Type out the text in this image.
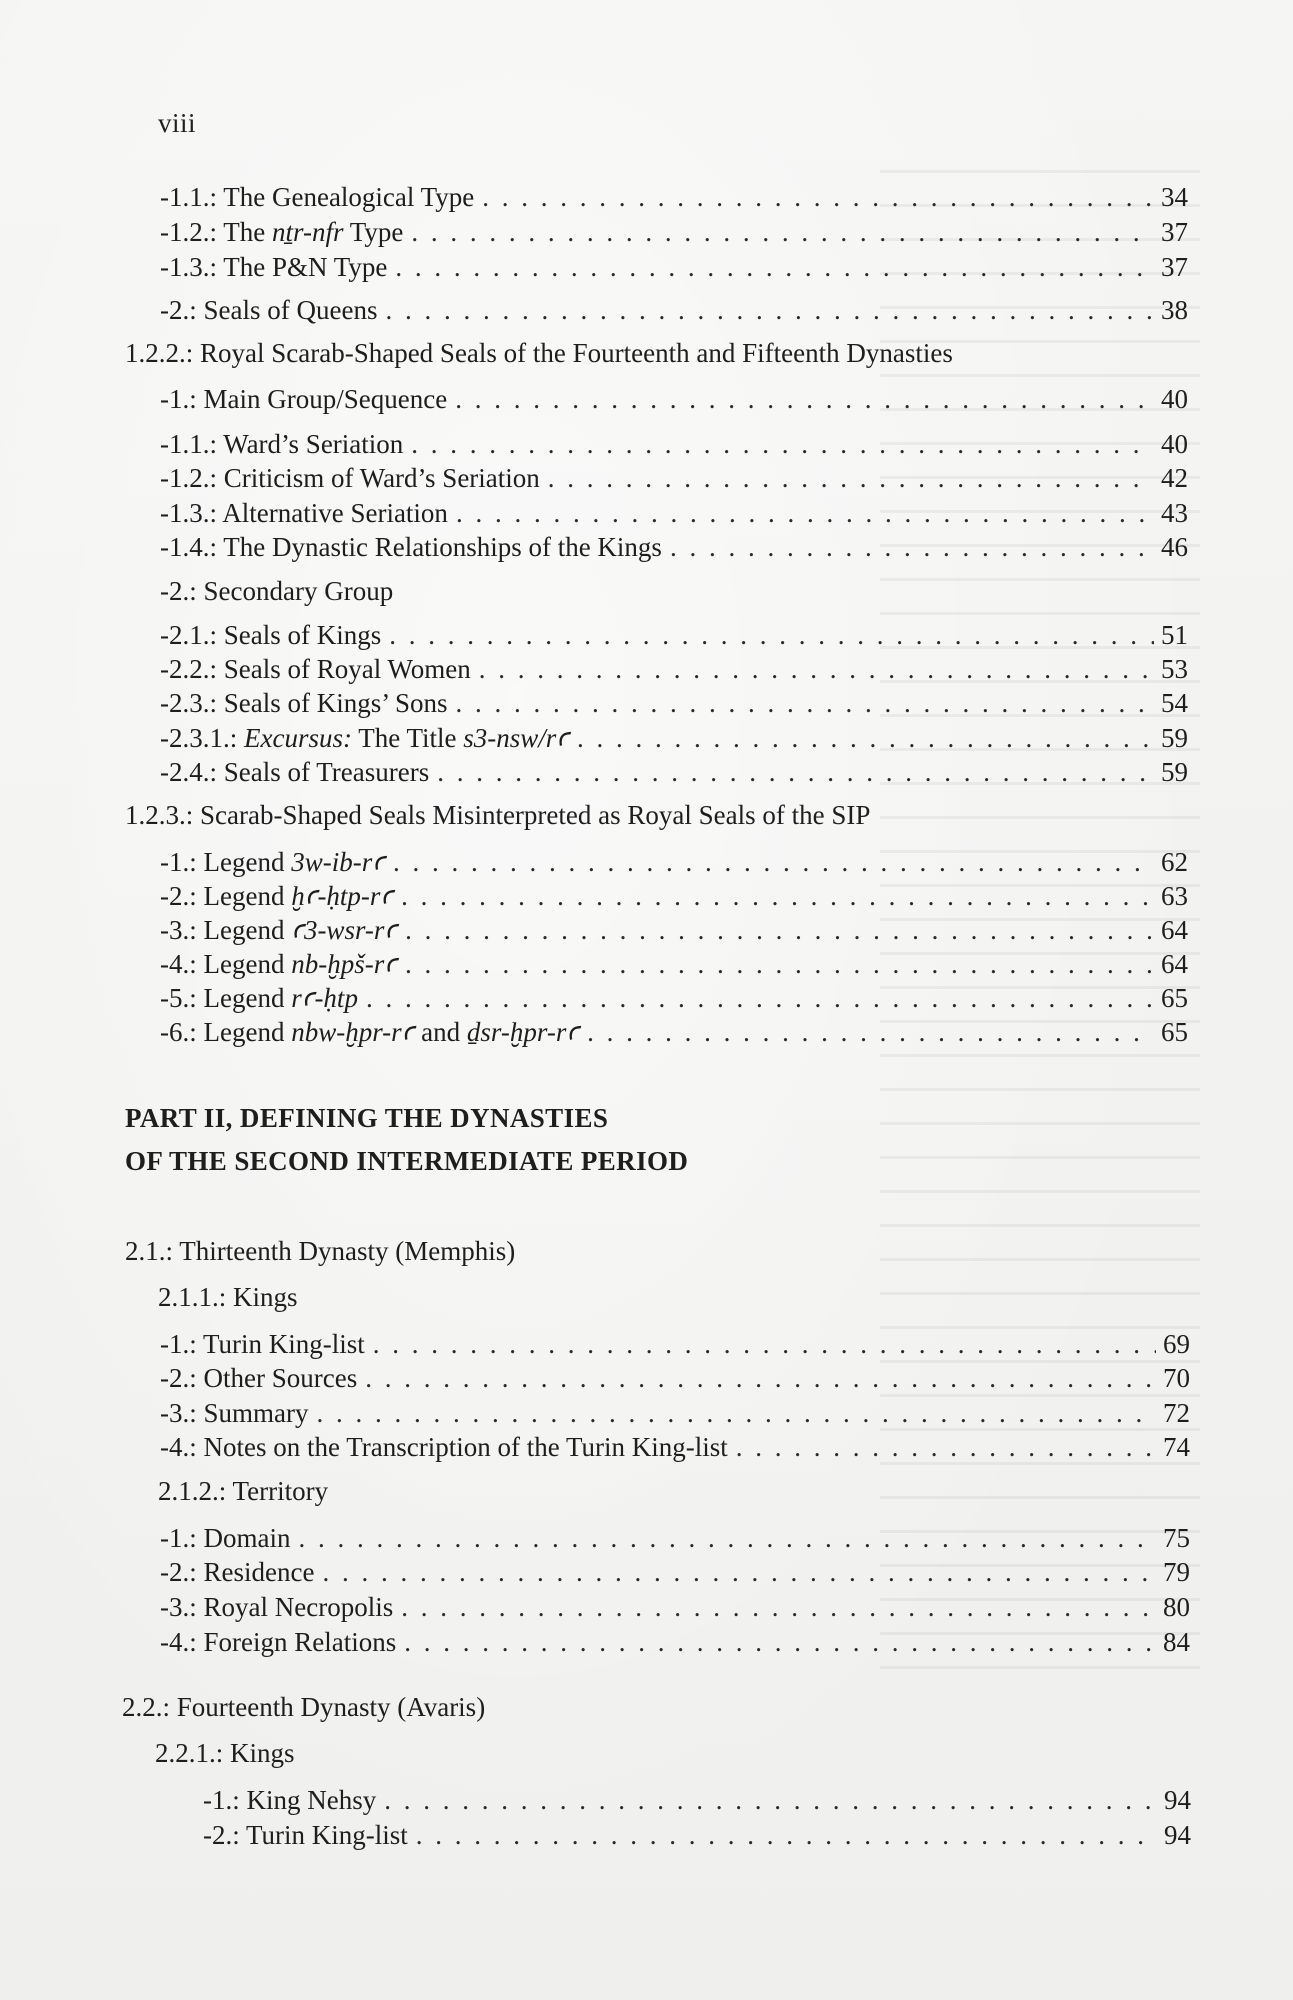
viii
-1.1.: The Genealogical Type . . .	34
-1.2.: The nṯr-nfr Type . . .	37
-1.3.: The P&N Type . . .	37
-2.: Seals of Queens . . .	38
1.2.2.: Royal Scarab-Shaped Seals of the Fourteenth and Fifteenth Dynasties
-1.: Main Group/Sequence . . .	40
-1.1.: Ward’s Seriation . . .	40
-1.2.: Criticism of Ward’s Seriation . . .	42
-1.3.: Alternative Seriation . . .	43
-1.4.: The Dynastic Relationships of the Kings . . .	46
-2.: Secondary Group
-2.1.: Seals of Kings . . .	51
-2.2.: Seals of Royal Women . . .	53
-2.3.: Seals of Kings’ Sons . . .	54
-2.3.1.: Excursus: The Title s3-nsw/rꜥ . . .	59
-2.4.: Seals of Treasurers . . .	59
1.2.3.: Scarab-Shaped Seals Misinterpreted as Royal Seals of the SIP
-1.: Legend 3w-ib-rꜥ . . .	62
-2.: Legend ḫꜥ-ḥtp-rꜥ . . .	63
-3.: Legend ꜥ3-wsr-rꜥ . . .	64
-4.: Legend nb-ḫpš-rꜥ . . .	64
-5.: Legend rꜥ-ḥtp . . .	65
-6.: Legend nbw-ḫpr-rꜥ and ḏsr-ḫpr-rꜥ . . .	65
PART II, DEFINING THE DYNASTIES
OF THE SECOND INTERMEDIATE PERIOD
2.1.: Thirteenth Dynasty (Memphis)
2.1.1.: Kings
-1.: Turin King-list . . .	69
-2.: Other Sources . . .	70
-3.: Summary . . .	72
-4.: Notes on the Transcription of the Turin King-list . . .	74
2.1.2.: Territory
-1.: Domain . . .	75
-2.: Residence . . .	79
-3.: Royal Necropolis . . .	80
-4.: Foreign Relations . . .	84
2.2.: Fourteenth Dynasty (Avaris)
2.2.1.: Kings
-1.: King Nehsy . . .	94
-2.: Turin King-list . . .	94
